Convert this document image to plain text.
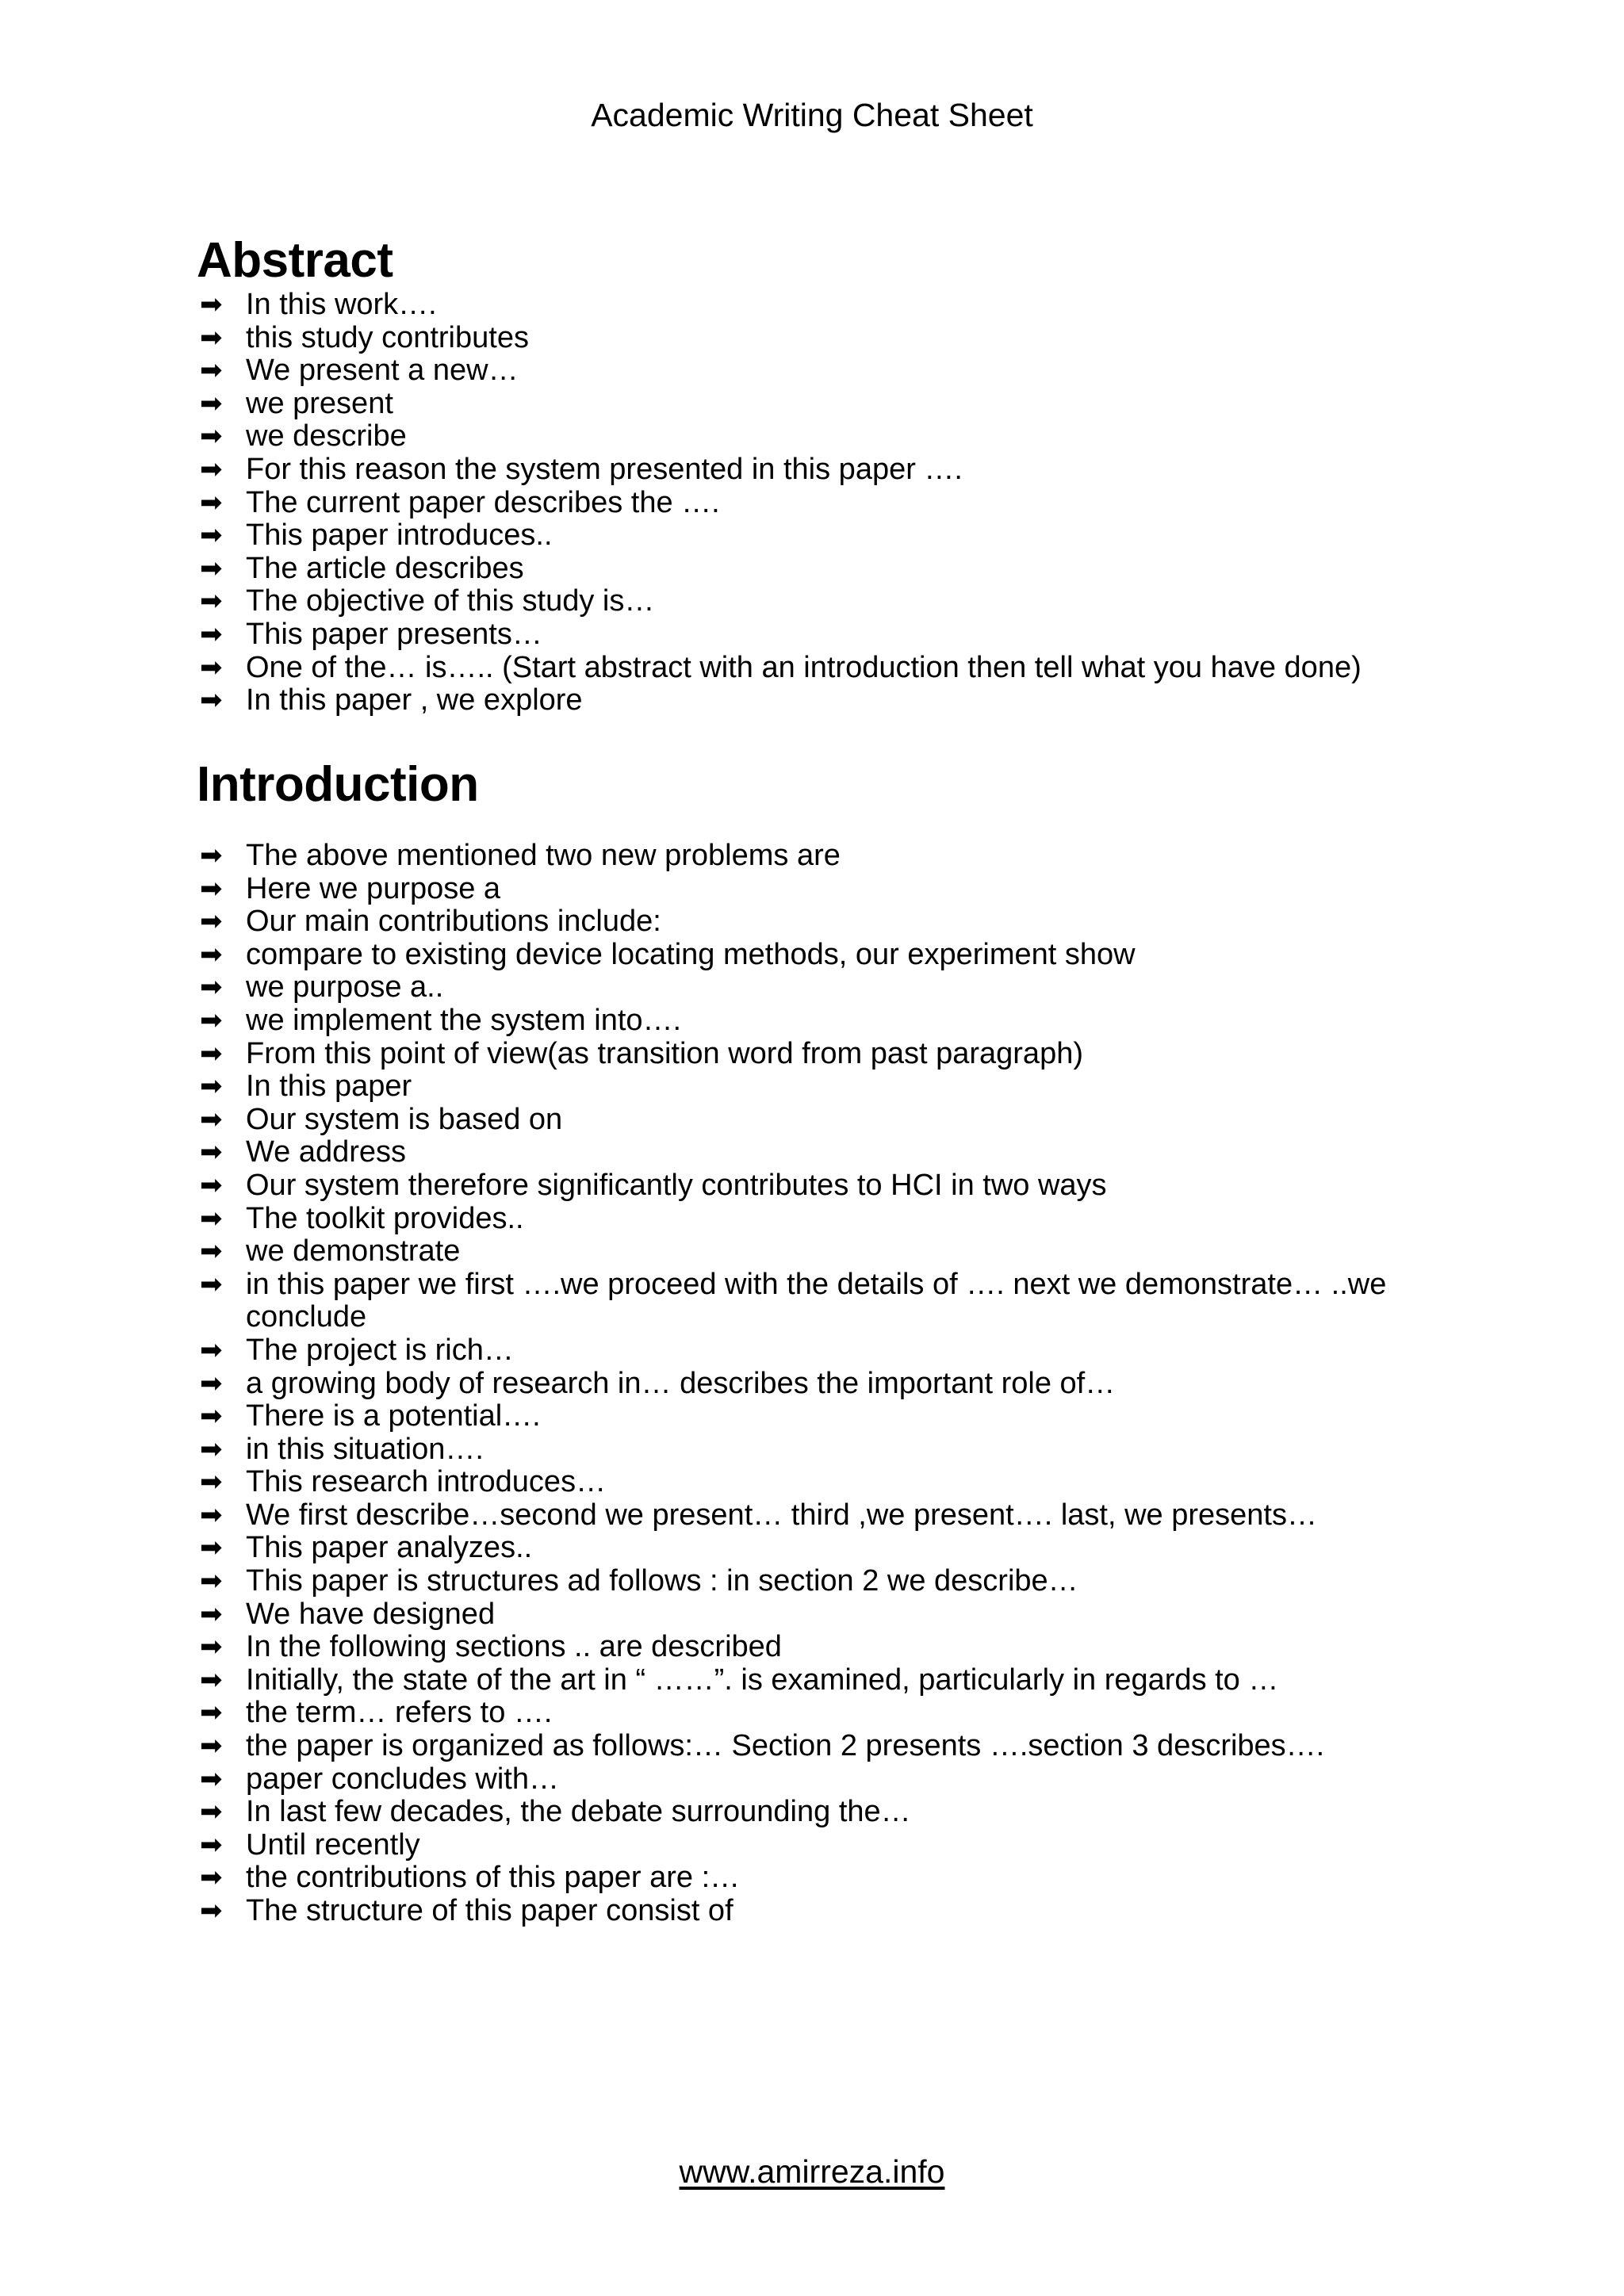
Academic Writing Cheat Sheet
Abstract
➡ In this work….
➡ this study contributes
➡ We present a new…
➡ we present
➡ we describe
➡ For this reason the system presented in this paper ….
➡ The current paper describes the ….
➡ This paper introduces..
➡ The article describes
➡ The objective of this study is…
➡ This paper presents…
➡ One of the… is….. (Start abstract with an introduction then tell what you have done)
➡ In this paper , we explore
Introduction
➡ The above mentioned two new problems are
➡ Here we purpose a
➡ Our main contributions include:
➡ compare to existing device locating methods, our experiment show
➡ we purpose a..
➡ we implement the system into….
➡ From this point of view(as transition word from past paragraph)
➡ In this paper
➡ Our system is based on
➡ We address
➡ Our system therefore significantly contributes to HCI in two ways
➡ The toolkit provides..
➡ we demonstrate
➡ in this paper we first ….we proceed with the details of …. next we demonstrate… ..we conclude
➡ The project is rich…
➡ a growing body of research in… describes the important role of…
➡ There is a potential….
➡ in this situation….
➡ This research introduces…
➡ We first describe…second we present… third ,we present…. last, we presents…
➡ This paper analyzes..
➡ This paper is structures ad follows : in section 2 we describe…
➡ We have designed
➡ In the following sections .. are described
➡ Initially, the state of the art in “ ……”. is examined, particularly in regards to …
➡ the term… refers to ….
➡ the paper is organized as follows:… Section 2 presents ….section 3 describes….
➡ paper concludes with…
➡ In last few decades, the debate surrounding the…
➡ Until recently
➡ the contributions of this paper are :…
➡ The structure of this paper consist of
www.amirreza.info
